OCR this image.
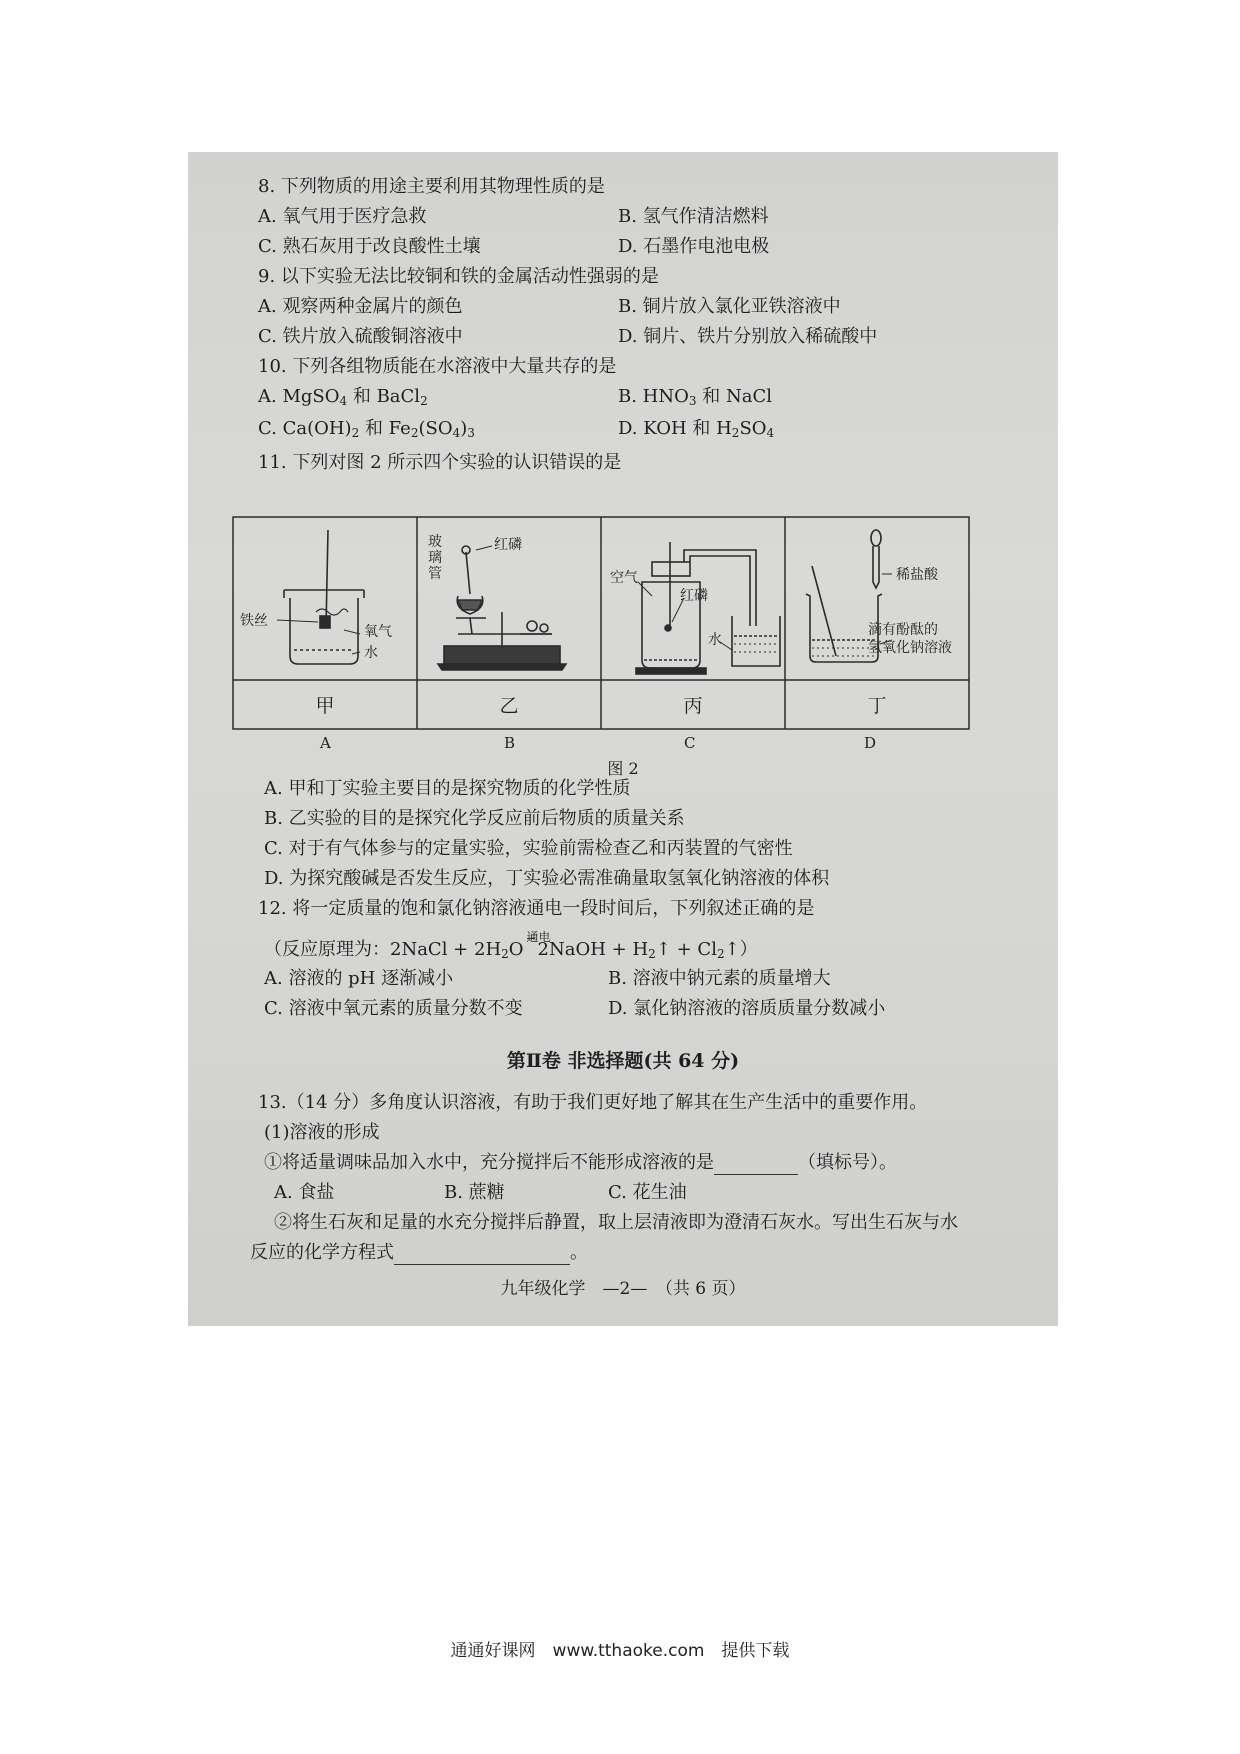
8. 下列物质的用途主要利用其物理性质的是
A. 氧气用于医疗急救	B. 氢气作清洁燃料
C. 熟石灰用于改良酸性土壤	D. 石墨作电池电极
9. 以下实验无法比较铜和铁的金属活动性强弱的是
A. 观察两种金属片的颜色	B. 铜片放入氯化亚铁溶液中
C. 铁片放入硫酸铜溶液中	D. 铜片、铁片分别放入稀硫酸中
10. 下列各组物质能在水溶液中大量共存的是
A. MgSO$_4$ 和 BaCl$_2$	B. $HNO_3$ 和 NaCl
C. $Ca(OH)_2$ 和 $Fe_2(SO_4)_3$	D. KOH 和 $H_2SO_4$
11. 下列对图 2 所示四个实验的认识错误的是
铁丝
氧气
水
玻
璃
管
红磷
空气
红磷
水
稀盐酸
滴有酚酞的
氢氧化钠溶液
甲	乙	丙	丁
A	B	C	D
图 2
A. 甲和丁实验主要目的是探究物质的化学性质
B. 乙实验的目的是探究化学反应前后物质的质量关系
C. 对于有气体参与的定量实验，实验前需检查乙和丙装置的气密性
D. 为探究酸碱是否发生反应，丁实验必需准确量取氢氧化钠溶液的体积
12. 将一定质量的饱和氯化钠溶液通电一段时间后，下列叙述正确的是
（反应原理为：2NaCl + $2H_2O$
通电
2NaOH + $H_2↑$ + $Cl_2↑$）
A. 溶液的 pH 逐渐减小	B. 溶液中钠元素的质量增大
C. 溶液中氧元素的质量分数不变	D. 氯化钠溶液的溶质质量分数减小
第Ⅱ卷 非选择题(共 64 分)
13.（14 分）多角度认识溶液，有助于我们更好地了解其在生产生活中的重要作用。
(1)溶液的形成
①将适量调味品加入水中，充分搅拌后不能形成溶液的是	（填标号）。
A. 食盐	B. 蔗糖	C. 花生油
②将生石灰和足量的水充分搅拌后静置，取上层清液即为澄清石灰水。写出生石灰与水
反应的化学方程式	。
九年级化学　—2—　（共 6 页）
通通好课网　www.tthaoke.com　提供下载
